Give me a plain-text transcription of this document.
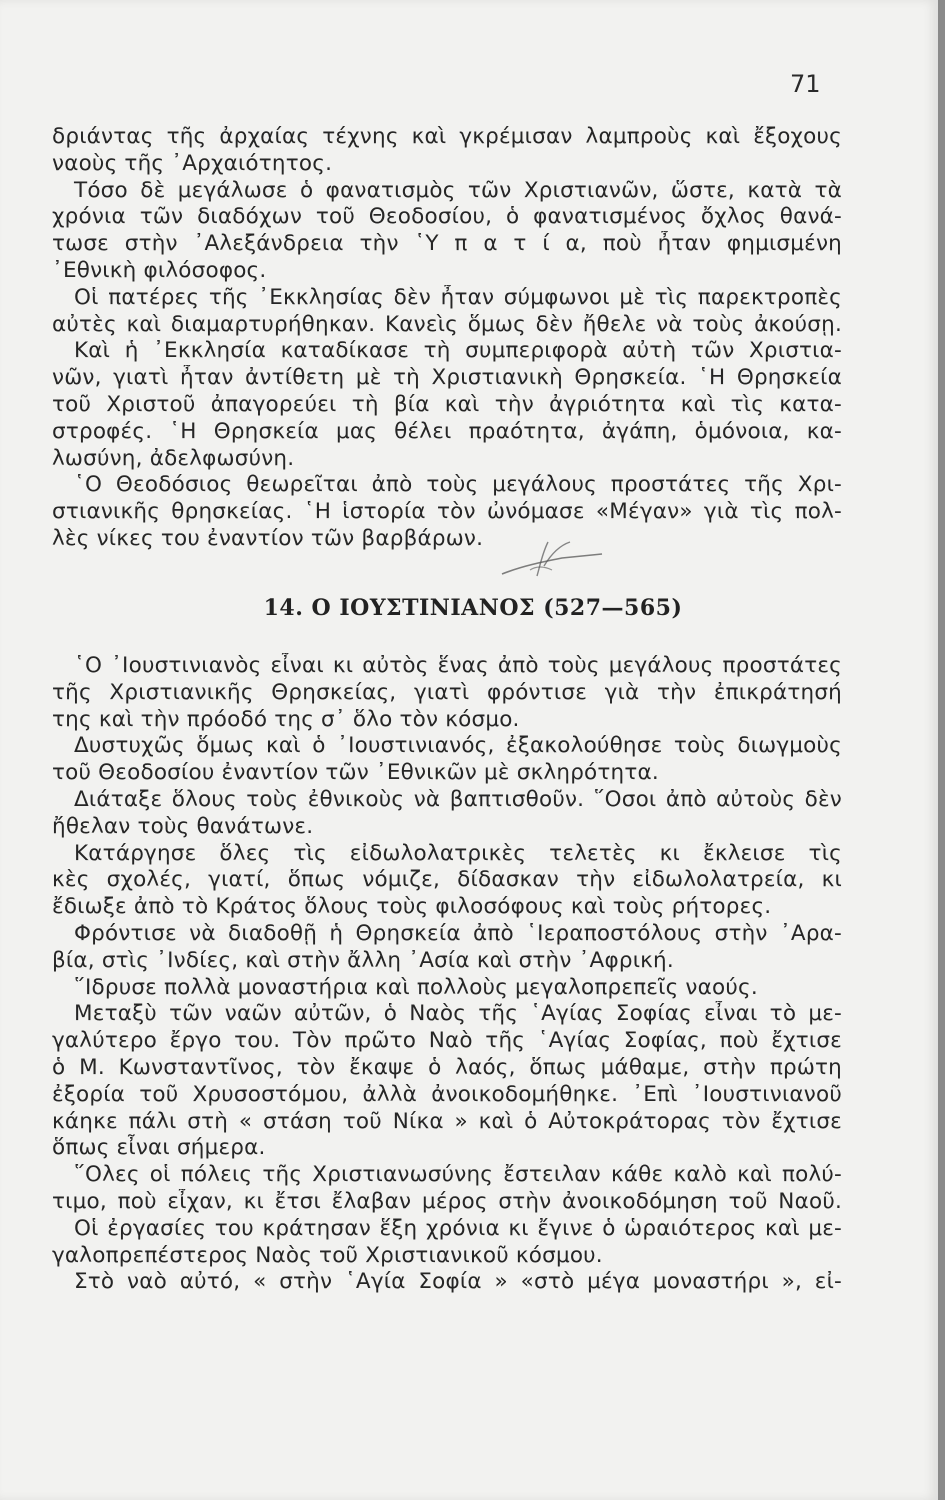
71
δριάντας τῆς ἀρχαίας τέχνης καὶ γκρέμισαν λαμπροὺς καὶ ἔξοχους
ναοὺς τῆς ᾿Αρχαιότητος.
Τόσο δὲ μεγάλωσε ὁ φανατισμὸς τῶν Χριστιανῶν, ὥστε, κατὰ τὰ
χρόνια τῶν διαδόχων τοῦ Θεοδοσίου, ὁ φανατισμένος ὄχλος θανά-
τωσε στὴν ᾿Αλεξάνδρεια τὴν ῾Υ π α τ ί α, ποὺ ἦταν φημισμένη
᾿Εθνικὴ φιλόσοφος.
Οἱ πατέρες τῆς ᾿Εκκλησίας δὲν ἦταν σύμφωνοι μὲ τὶς παρεκτροπὲς
αὐτὲς καὶ διαμαρτυρήθηκαν. Κανεὶς ὅμως δὲν ἤθελε νὰ τοὺς ἀκούσῃ.
Καὶ ἡ ᾿Εκκλησία καταδίκασε τὴ συμπεριφορὰ αὐτὴ τῶν Χριστια-
νῶν, γιατὶ ἦταν ἀντίθετη μὲ τὴ Χριστιανικὴ Θρησκεία. ῾Η Θρησκεία
τοῦ Χριστοῦ ἀπαγορεύει τὴ βία καὶ τὴν ἀγριότητα καὶ τὶς κατα-
στροφές. ῾Η Θρησκεία μας θέλει πραότητα, ἀγάπη, ὁμόνοια, κα-
λωσύνη, ἀδελφωσύνη.
῾Ο Θεοδόσιος θεωρεῖται ἀπὸ τοὺς μεγάλους προστάτες τῆς Χρι-
στιανικῆς θρησκείας. ῾Η ἱστορία τὸν ὠνόμασε «Μέγαν» γιὰ τὶς πολ-
λὲς νίκες του ἐναντίον τῶν βαρβάρων.
14. Ο ΙΟΥΣΤΙΝΙΑΝΟΣ (527—565)
῾Ο ᾿Ιουστινιανὸς εἶναι κι αὐτὸς ἕνας ἀπὸ τοὺς μεγάλους προστάτες
τῆς Χριστιανικῆς Θρησκείας, γιατὶ φρόντισε γιὰ τὴν ἐπικράτησή
της καὶ τὴν πρόοδό της σ᾿ ὅλο τὸν κόσμο.
Δυστυχῶς ὅμως καὶ ὁ ᾿Ιουστινιανός, ἐξακολούθησε τοὺς διωγμοὺς
τοῦ Θεοδοσίου ἐναντίον τῶν ᾿Εθνικῶν μὲ σκληρότητα.
Διάταξε ὅλους τοὺς ἐθνικοὺς νὰ βαπτισθοῦν. ῞Οσοι ἀπὸ αὐτοὺς δὲν
ἤθελαν τοὺς θανάτωνε.
Κατάργησε ὅλες τὶς εἰδωλολατρικὲς τελετὲς κι ἔκλεισε τὶς
κὲς σχολές, γιατί, ὅπως νόμιζε, δίδασκαν τὴν εἰδωλολατρεία, κι
ἔδιωξε ἀπὸ τὸ Κράτος ὅλους τοὺς φιλοσόφους καὶ τοὺς ρήτορες.
Φρόντισε νὰ διαδοθῇ ἡ Θρησκεία ἀπὸ ῾Ιεραποστόλους στὴν ᾿Αρα-
βία, στὶς ᾿Ινδίες, καὶ στὴν ἄλλη ᾿Ασία καὶ στὴν ᾿Αφρική.
῞Ιδρυσε πολλὰ μοναστήρια καὶ πολλοὺς μεγαλοπρεπεῖς ναούς.
Μεταξὺ τῶν ναῶν αὐτῶν, ὁ Ναὸς τῆς ῾Αγίας Σοφίας εἶναι τὸ με-
γαλύτερο ἔργο του. Τὸν πρῶτο Ναὸ τῆς ῾Αγίας Σοφίας, ποὺ ἔχτισε
ὁ Μ. Κωνσταντῖνος, τὸν ἔκαψε ὁ λαός, ὅπως μάθαμε, στὴν πρώτη
ἐξορία τοῦ Χρυσοστόμου, ἀλλὰ ἀνοικοδομήθηκε. ᾿Επὶ ᾿Ιουστινιανοῦ
κάηκε πάλι στὴ « στάση τοῦ Νίκα » καὶ ὁ Αὐτοκράτορας τὸν ἔχτισε
ὅπως εἶναι σήμερα.
῞Ολες οἱ πόλεις τῆς Χριστιανωσύνης ἔστειλαν κάθε καλὸ καὶ πολύ-
τιμο, ποὺ εἶχαν, κι ἔτσι ἔλαβαν μέρος στὴν ἀνοικοδόμηση τοῦ Ναοῦ.
Οἱ ἐργασίες του κράτησαν ἕξη χρόνια κι ἔγινε ὁ ὡραιότερος καὶ με-
γαλοπρεπέστερος Ναὸς τοῦ Χριστιανικοῦ κόσμου.
Στὸ ναὸ αὐτό, « στὴν ῾Αγία Σοφία » «στὸ μέγα μοναστήρι », εἰ-
